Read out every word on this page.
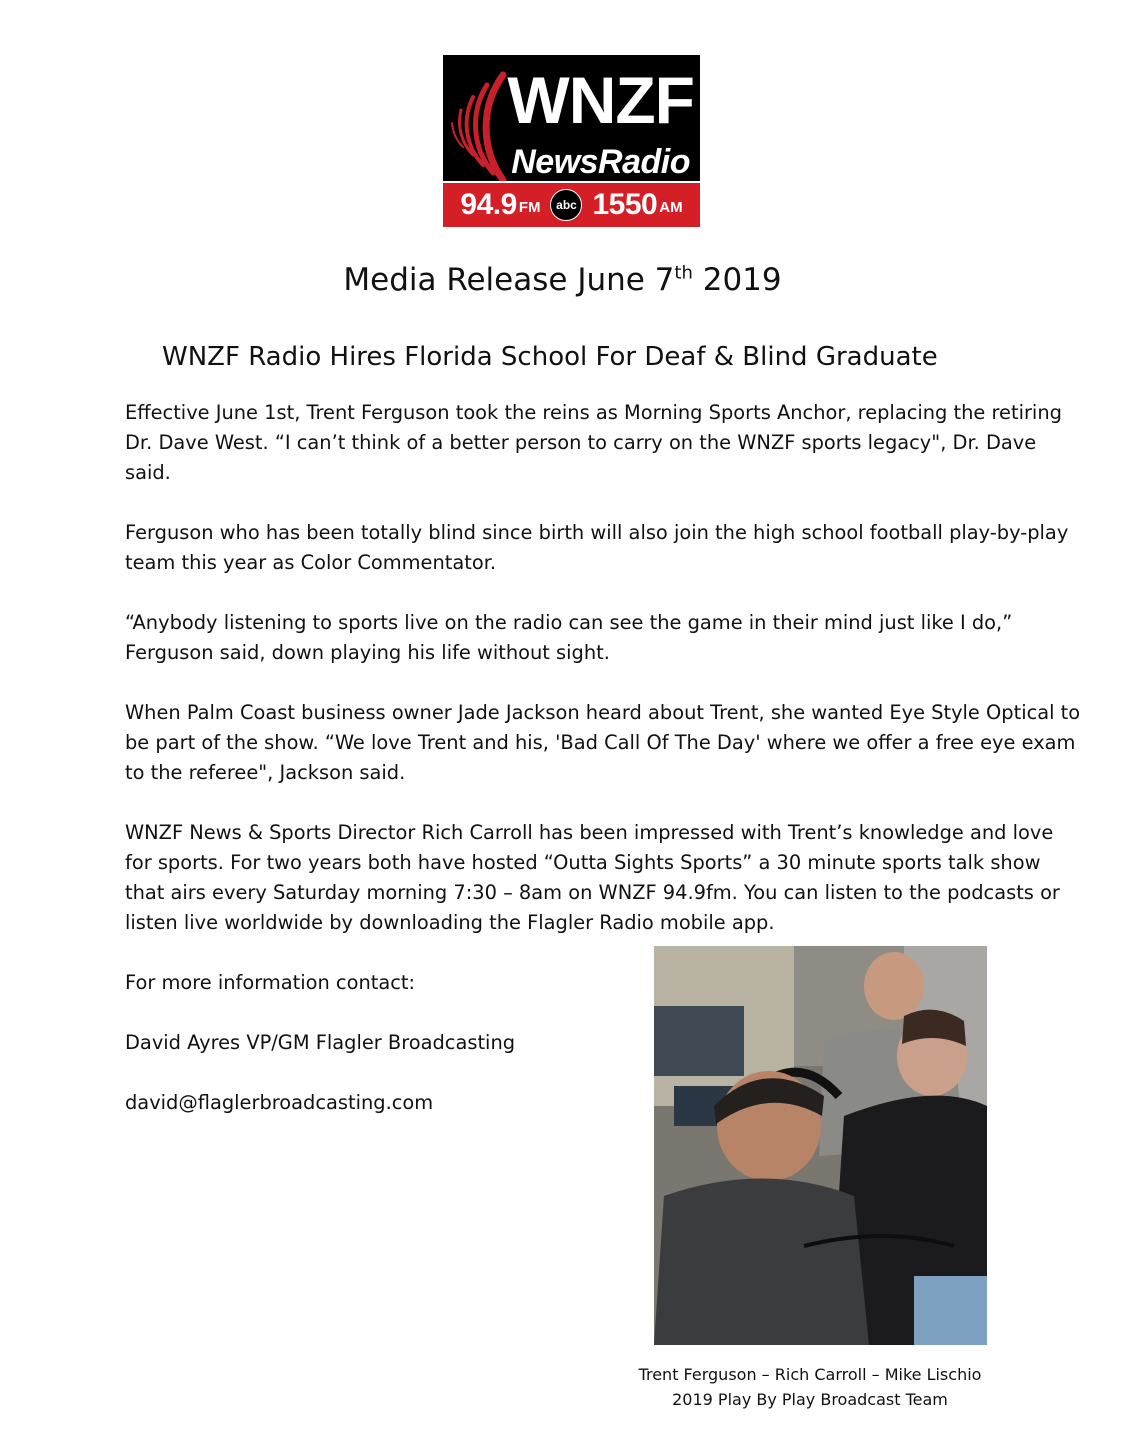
WNZF
NewsRadio
94.9 FM	abc 1550 AM
Media Release June 7th 2019
WNZF Radio Hires Florida School For Deaf & Blind Graduate

Effective June 1st, Trent Ferguson took the reins as Morning Sports Anchor, replacing the retiring Dr. Dave West. “I can’t think of a better person to carry on the WNZF sports legacy", Dr. Dave said.

Ferguson who has been totally blind since birth will also join the high school football play-by-play team this year as Color Commentator.

“Anybody listening to sports live on the radio can see the game in their mind just like I do,” Ferguson said, down playing his life without sight.

When Palm Coast business owner Jade Jackson heard about Trent, she wanted Eye Style Optical to be part of the show. “We love Trent and his, 'Bad Call Of The Day' where we offer a free eye exam to the referee", Jackson said.

WNZF News & Sports Director Rich Carroll has been impressed with Trent’s knowledge and love for sports. For two years both have hosted “Outta Sights Sports” a 30 minute sports talk show that airs every Saturday morning 7:30 – 8am on WNZF 94.9fm. You can listen to the podcasts or listen live worldwide by downloading the Flagler Radio mobile app.

For more information contact:

David Ayres VP/GM Flagler Broadcasting

david@flaglerbroadcasting.com

Trent Ferguson – Rich Carroll – Mike Lischio
2019 Play By Play Broadcast Team
